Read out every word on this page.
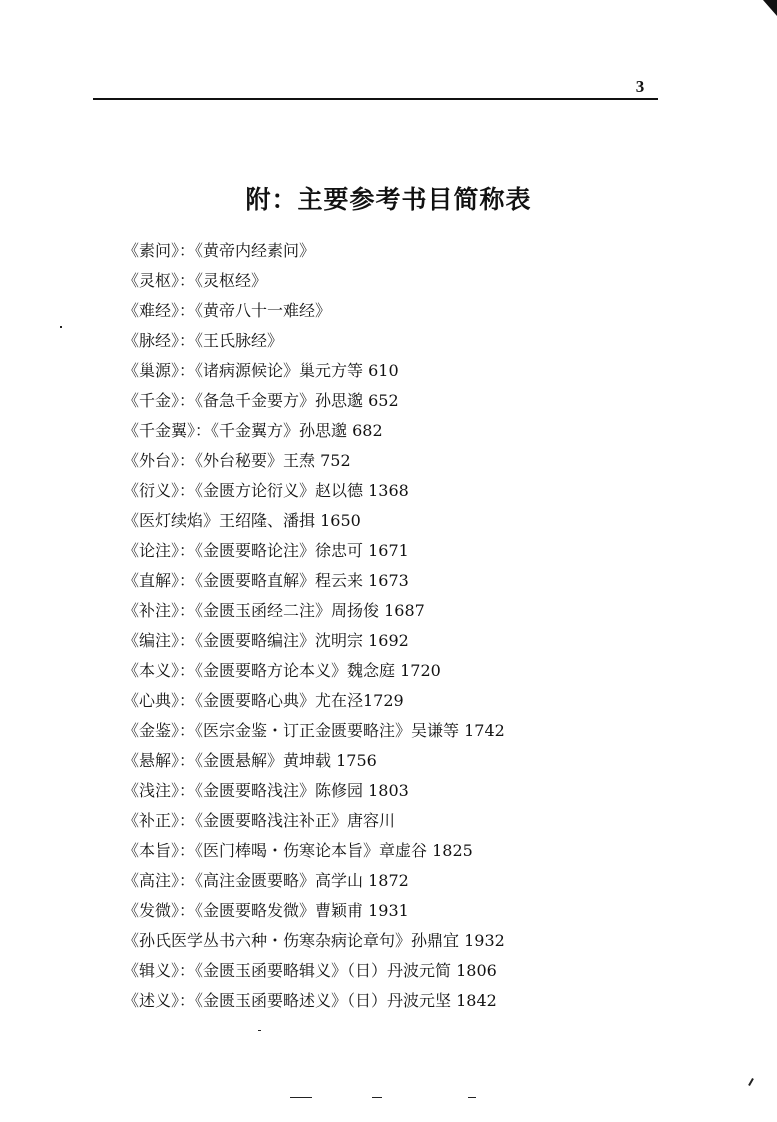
3
附：主要参考书目简称表
《素问》：《黄帝内经素问》
《灵枢》：《灵枢经》
《难经》：《黄帝八十一难经》
《脉经》：《王氏脉经》
《巢源》：《诸病源候论》巢元方等 610
《千金》：《备急千金要方》孙思邈 652
《千金翼》：《千金翼方》孙思邈 682
《外台》：《外台秘要》王焘 752
《衍义》：《金匮方论衍义》赵以德 1368
《医灯续焰》王绍隆、潘揖 1650
《论注》：《金匮要略论注》徐忠可 1671
《直解》：《金匮要略直解》程云来 1673
《补注》：《金匮玉函经二注》周扬俊 1687
《编注》：《金匮要略编注》沈明宗 1692
《本义》：《金匮要略方论本义》魏念庭 1720
《心典》：《金匮要略心典》尤在泾1729
《金鉴》：《医宗金鉴・订正金匮要略注》吴谦等 1742
《悬解》：《金匮悬解》黄坤载 1756
《浅注》：《金匮要略浅注》陈修园 1803
《补正》：《金匮要略浅注补正》唐容川
《本旨》：《医门棒喝・伤寒论本旨》章虚谷 1825
《高注》：《高注金匮要略》高学山 1872
《发微》：《金匮要略发微》曹颖甫 1931
《孙氏医学丛书六种・伤寒杂病论章句》孙鼎宜 1932
《辑义》：《金匮玉函要略辑义》（日）丹波元简 1806
《述义》：《金匮玉函要略述义》（日）丹波元坚 1842
